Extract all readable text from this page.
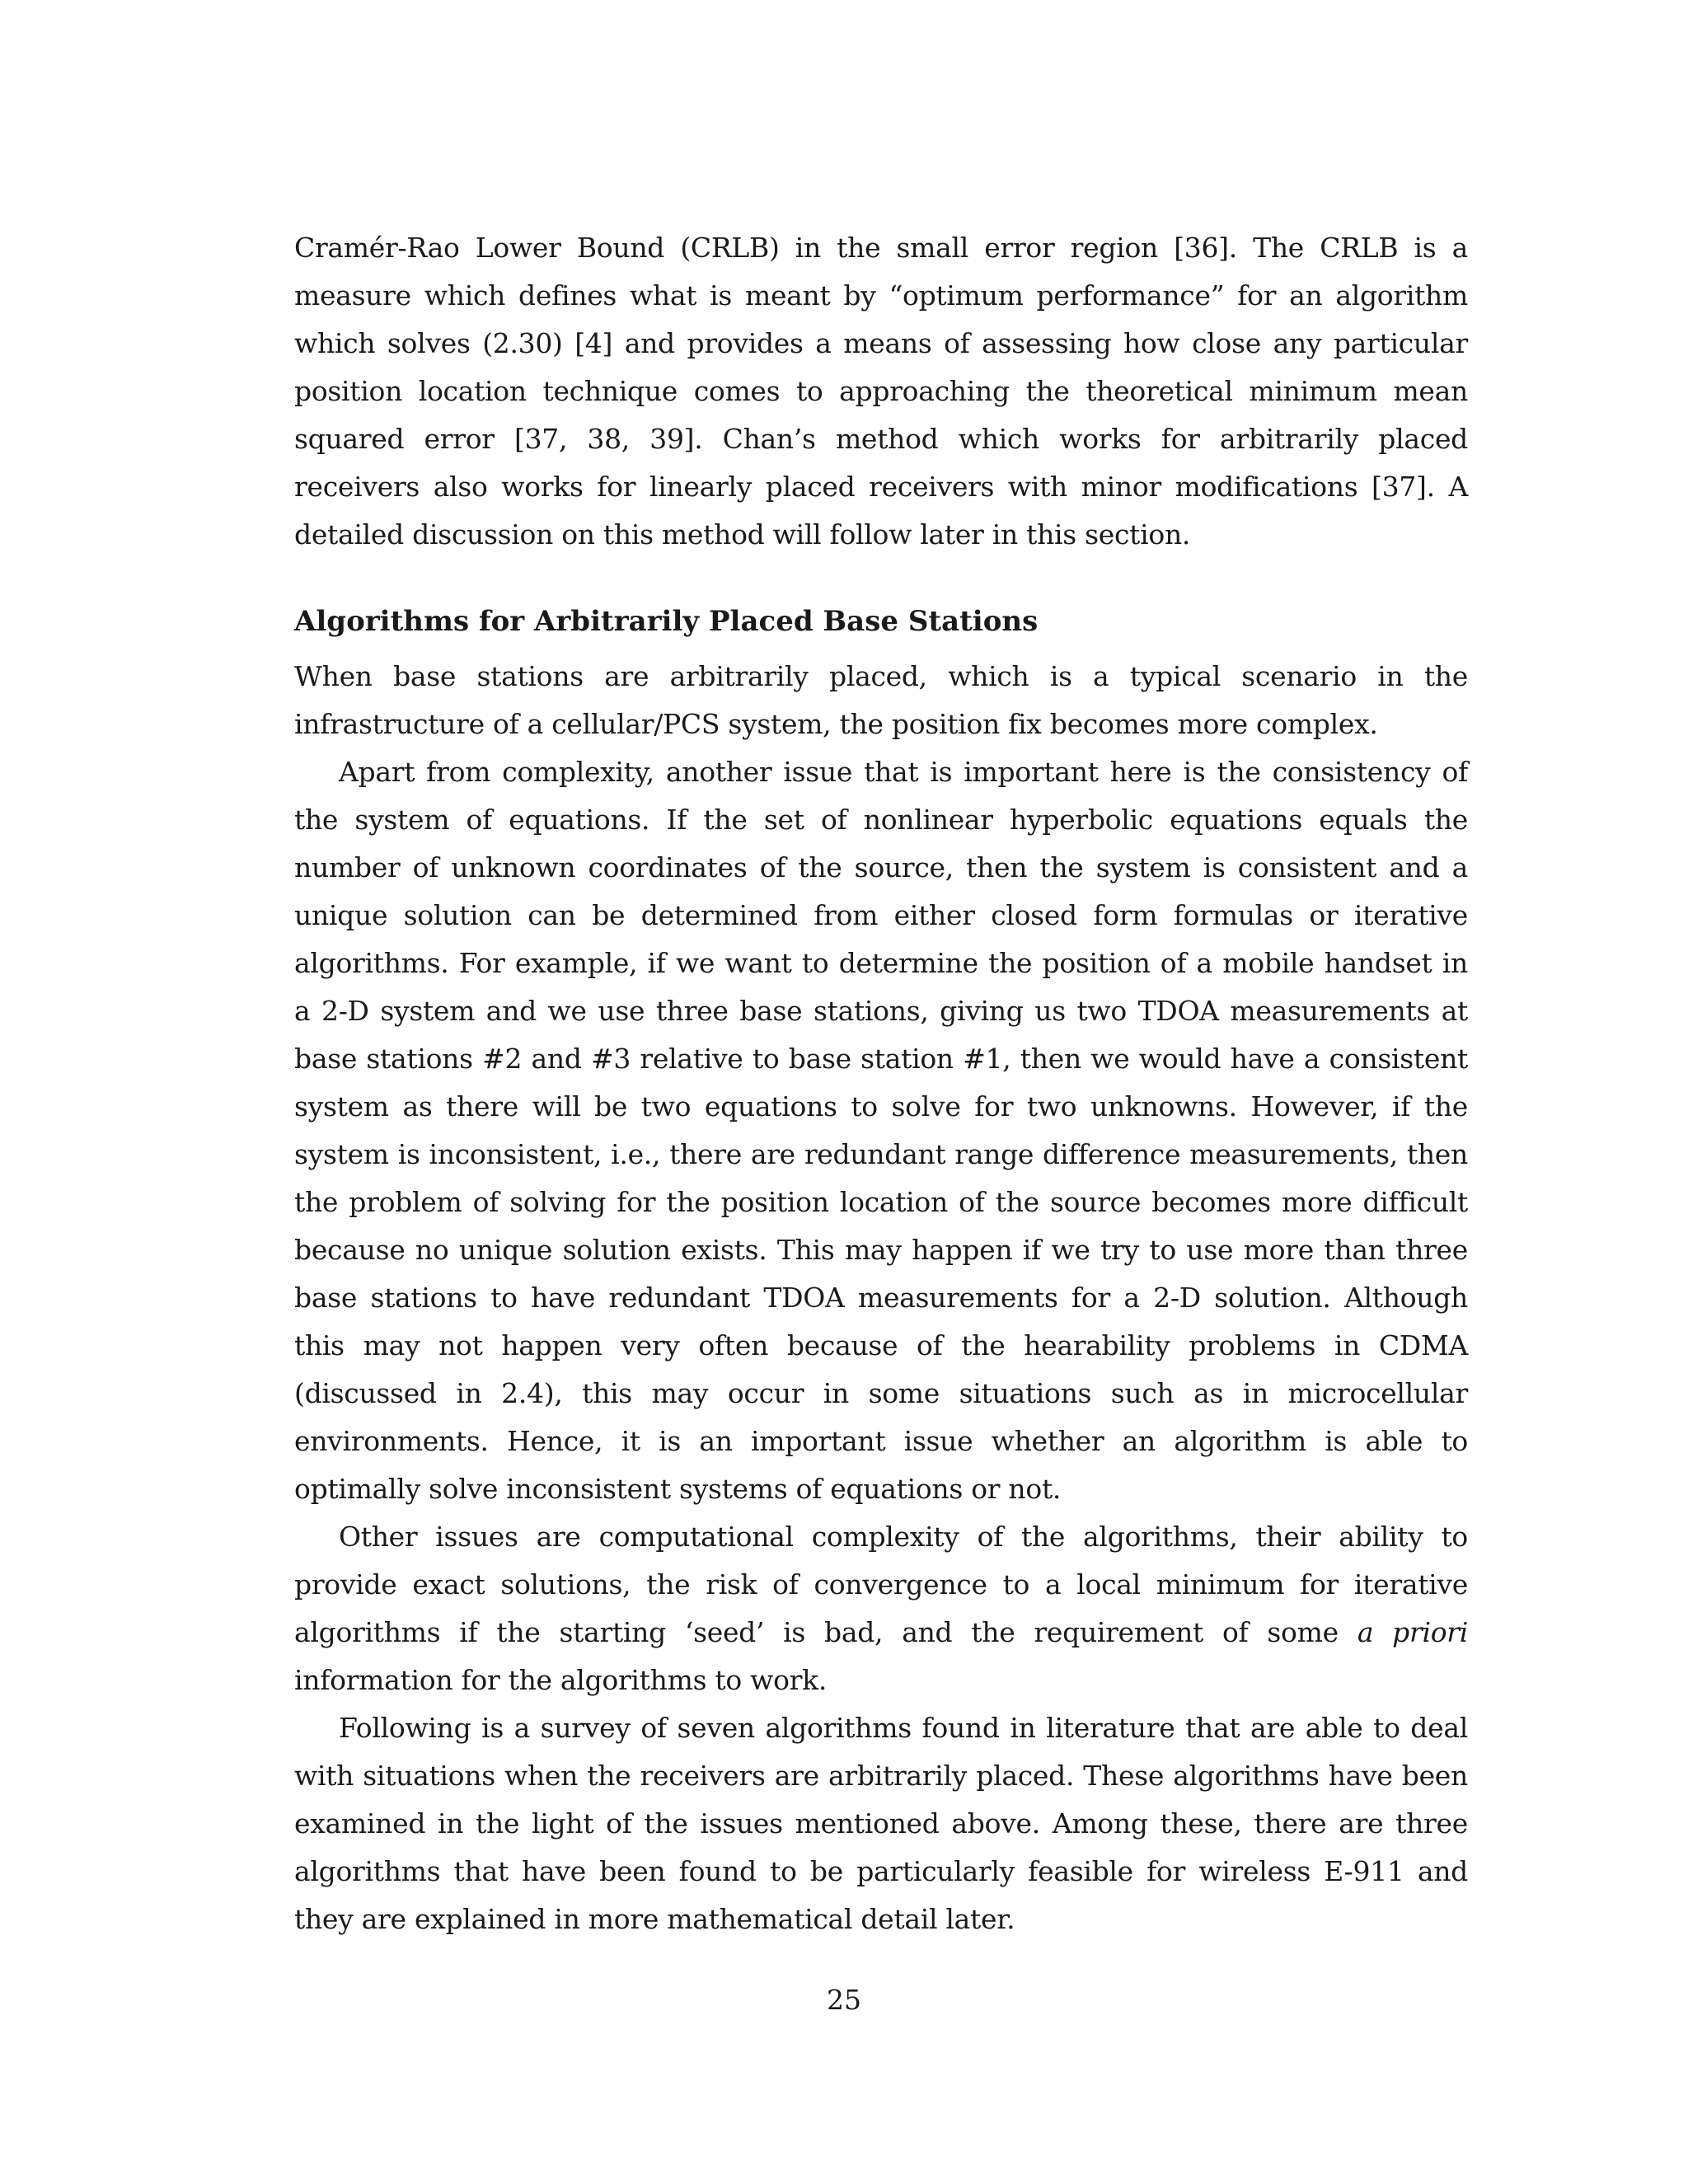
Cramér-Rao Lower Bound (CRLB) in the small error region [36]. The CRLB is a measure which defines what is meant by “optimum performance” for an algorithm which solves (2.30) [4] and provides a means of assessing how close any particular position location technique comes to approaching the theoretical minimum mean squared error [37, 38, 39]. Chan’s method which works for arbitrarily placed receivers also works for linearly placed receivers with minor modifications [37]. A detailed discussion on this method will follow later in this section.

Algorithms for Arbitrarily Placed Base Stations

When base stations are arbitrarily placed, which is a typical scenario in the infrastructure of a cellular/PCS system, the position fix becomes more complex.

Apart from complexity, another issue that is important here is the consistency of the system of equations. If the set of nonlinear hyperbolic equations equals the number of unknown coordinates of the source, then the system is consistent and a unique solution can be determined from either closed form formulas or iterative algorithms. For example, if we want to determine the position of a mobile handset in a 2-D system and we use three base stations, giving us two TDOA measurements at base stations #2 and #3 relative to base station #1, then we would have a consistent system as there will be two equations to solve for two unknowns. However, if the system is inconsistent, i.e., there are redundant range difference measurements, then the problem of solving for the position location of the source becomes more difficult because no unique solution exists. This may happen if we try to use more than three base stations to have redundant TDOA measurements for a 2-D solution. Although this may not happen very often because of the hearability problems in CDMA (discussed in 2.4), this may occur in some situations such as in microcellular environments. Hence, it is an important issue whether an algorithm is able to optimally solve inconsistent systems of equations or not.

Other issues are computational complexity of the algorithms, their ability to provide exact solutions, the risk of convergence to a local minimum for iterative algorithms if the starting ‘seed’ is bad, and the requirement of some a priori information for the algorithms to work.

Following is a survey of seven algorithms found in literature that are able to deal with situations when the receivers are arbitrarily placed. These algorithms have been examined in the light of the issues mentioned above. Among these, there are three algorithms that have been found to be particularly feasible for wireless E-911 and they are explained in more mathematical detail later.

25
